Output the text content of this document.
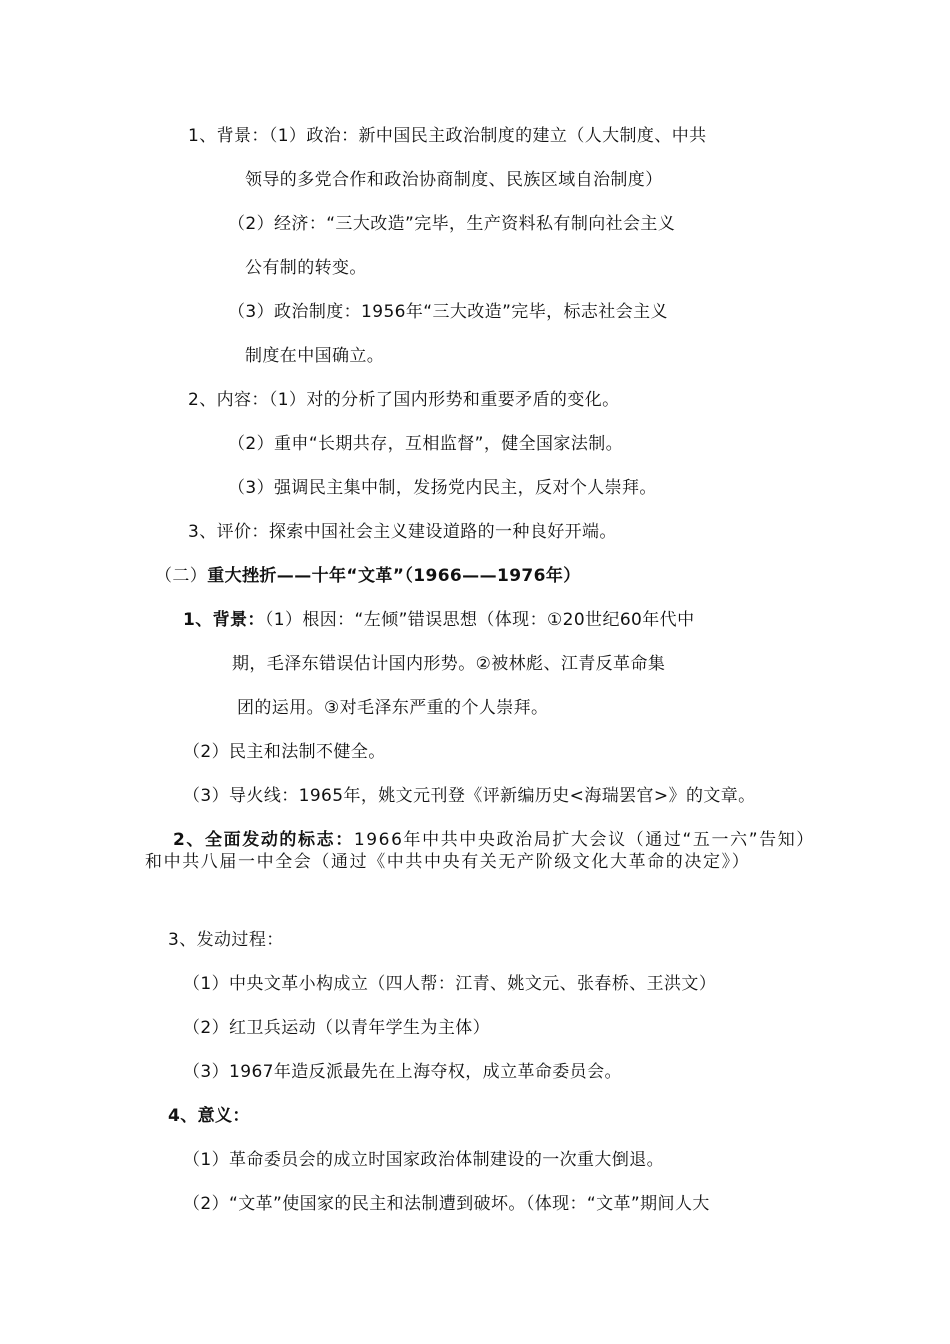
1、背景：（1）政治：新中国民主政治制度的建立（人大制度、中共
领导的多党合作和政治协商制度、民族区域自治制度）
（2）经济：“三大改造”完毕，生产资料私有制向社会主义
公有制的转变。
（3）政治制度：1956年“三大改造”完毕，标志社会主义
制度在中国确立。
2、内容：（1）对的分析了国内形势和重要矛盾的变化。
（2）重申“长期共存，互相监督”，健全国家法制。
（3）强调民主集中制，发扬党内民主，反对个人崇拜。
3、评价：探索中国社会主义建设道路的一种良好开端。
（二）重大挫折——十年“文革”（1966——1976年）
1、背景：（1）根因：“左倾”错误思想（体现：①20世纪60年代中
期，毛泽东错误估计国内形势。②被林彪、江青反革命集
团的运用。③对毛泽东严重的个人崇拜。
（2）民主和法制不健全。
（3）导火线：1965年，姚文元刊登《评新编历史<海瑞罢官>》的文章。
2、全面发动的标志：1966年中共中央政治局扩大会议（通过“五一六”告知）和中共八届一中全会（通过《中共中央有关无产阶级文化大革命的决定》）
3、发动过程：
（1）中央文革小构成立（四人帮：江青、姚文元、张春桥、王洪文）
（2）红卫兵运动（以青年学生为主体）
（3）1967年造反派最先在上海夺权，成立革命委员会。
4、意义：
（1）革命委员会的成立时国家政治体制建设的一次重大倒退。
（2）“文革”使国家的民主和法制遭到破坏。（体现：“文革”期间人大
